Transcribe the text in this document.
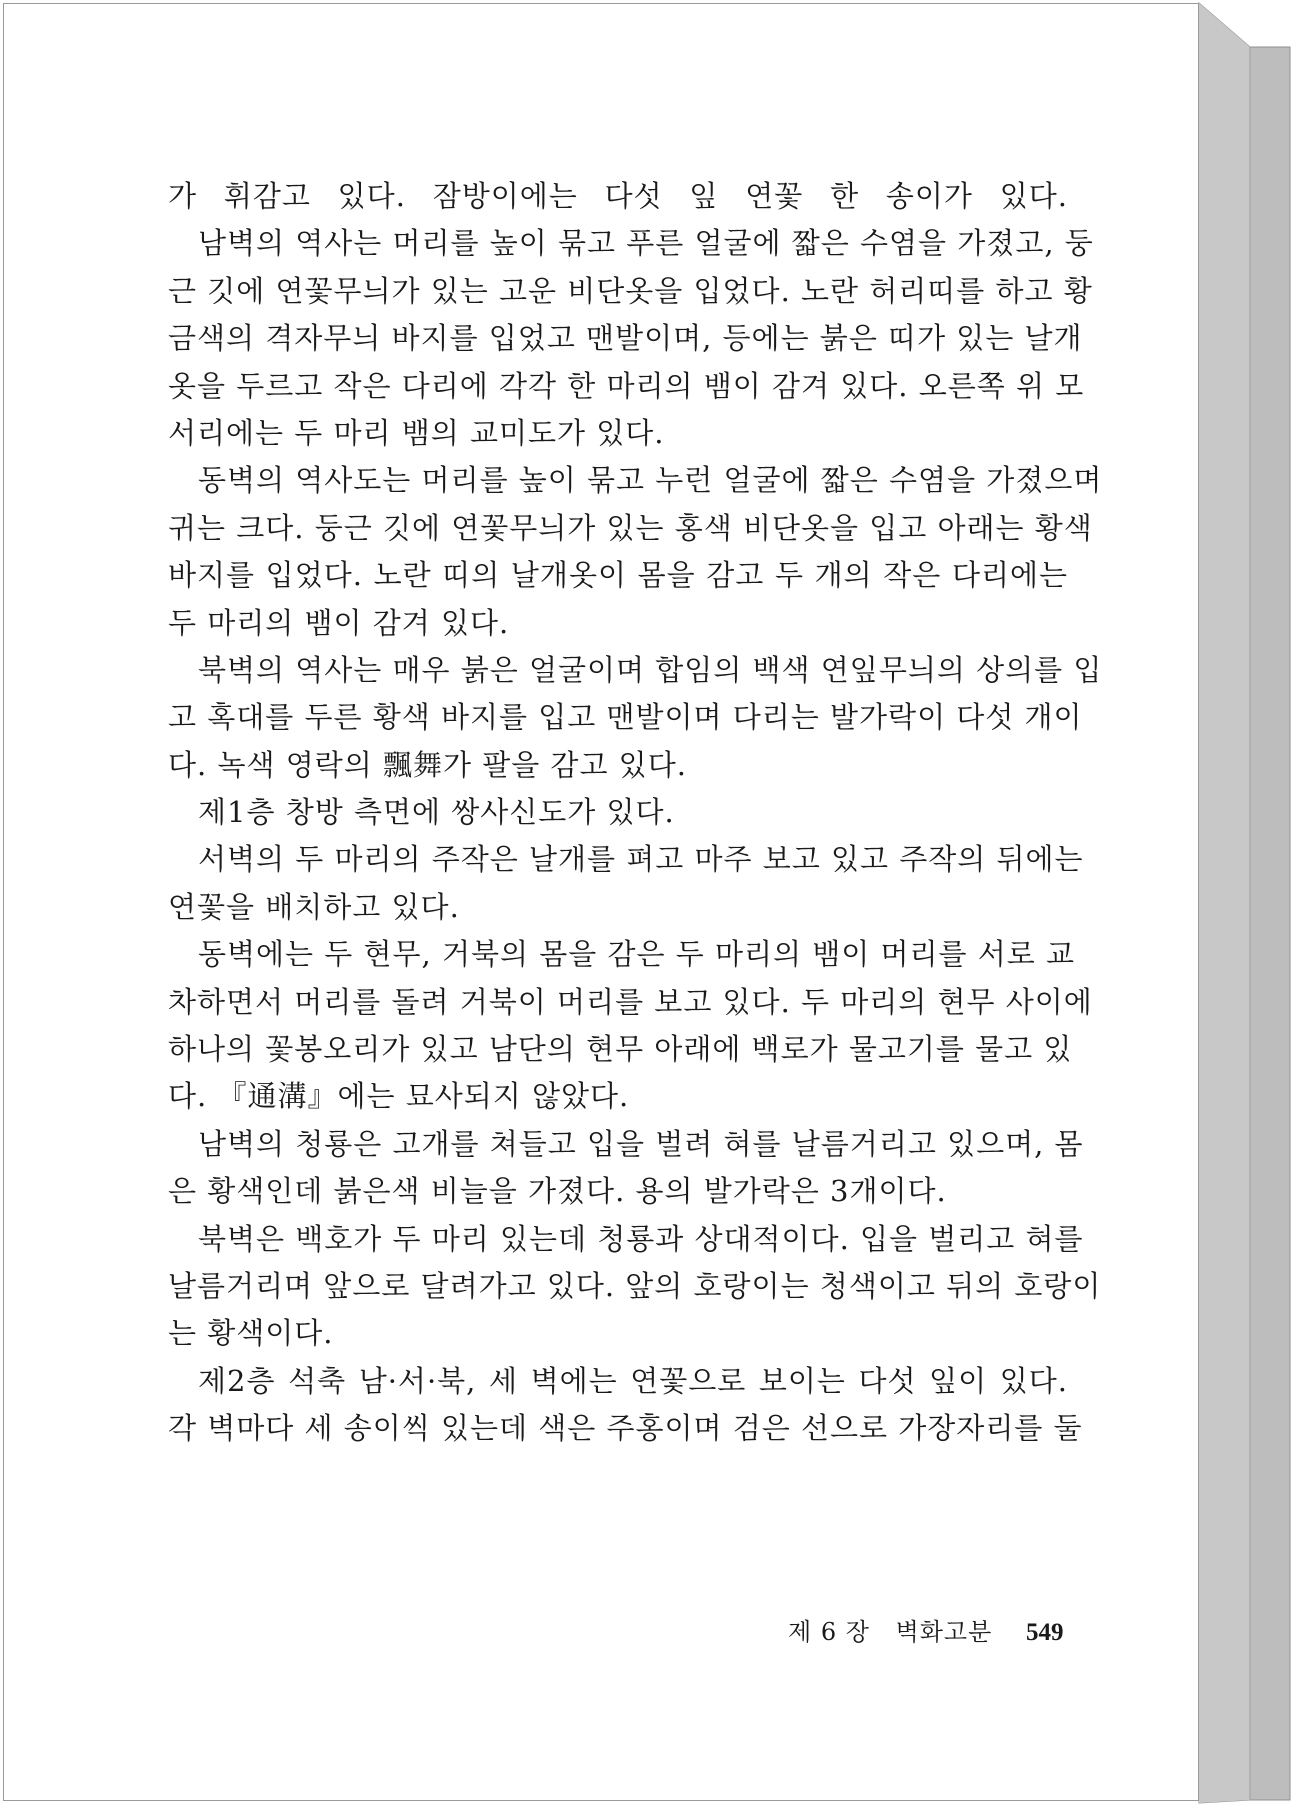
가 휘감고 있다. 잠방이에는 다섯 잎 연꽃 한 송이가 있다.
남벽의 역사는 머리를 높이 묶고 푸른 얼굴에 짧은 수염을 가졌고, 둥
근 깃에 연꽃무늬가 있는 고운 비단옷을 입었다. 노란 허리띠를 하고 황
금색의 격자무늬 바지를 입었고 맨발이며, 등에는 붉은 띠가 있는 날개
옷을 두르고 작은 다리에 각각 한 마리의 뱀이 감겨 있다. 오른쪽 위 모
서리에는 두 마리 뱀의 교미도가 있다.
동벽의 역사도는 머리를 높이 묶고 누런 얼굴에 짧은 수염을 가졌으며
귀는 크다. 둥근 깃에 연꽃무늬가 있는 홍색 비단옷을 입고 아래는 황색
바지를 입었다. 노란 띠의 날개옷이 몸을 감고 두 개의 작은 다리에는
두 마리의 뱀이 감겨 있다.
북벽의 역사는 매우 붉은 얼굴이며 합임의 백색 연잎무늬의 상의를 입
고 혹대를 두른 황색 바지를 입고 맨발이며 다리는 발가락이 다섯 개이
다. 녹색 영락의 飄舞가 팔을 감고 있다.
제1층 창방 측면에 쌍사신도가 있다.
서벽의 두 마리의 주작은 날개를 펴고 마주 보고 있고 주작의 뒤에는
연꽃을 배치하고 있다.
동벽에는 두 현무, 거북의 몸을 감은 두 마리의 뱀이 머리를 서로 교
차하면서 머리를 돌려 거북이 머리를 보고 있다. 두 마리의 현무 사이에
하나의 꽃봉오리가 있고 남단의 현무 아래에 백로가 물고기를 물고 있
다. 『通溝』에는 묘사되지 않았다.
남벽의 청룡은 고개를 쳐들고 입을 벌려 혀를 날름거리고 있으며, 몸
은 황색인데 붉은색 비늘을 가졌다. 용의 발가락은 3개이다.
북벽은 백호가 두 마리 있는데 청룡과 상대적이다. 입을 벌리고 혀를
날름거리며 앞으로 달려가고 있다. 앞의 호랑이는 청색이고 뒤의 호랑이
는 황색이다.
제2층 석축 남·서·북, 세 벽에는 연꽃으로 보이는 다섯 잎이 있다.
각 벽마다 세 송이씩 있는데 색은 주홍이며 검은 선으로 가장자리를 둘
제 6 장 벽화고분 549
